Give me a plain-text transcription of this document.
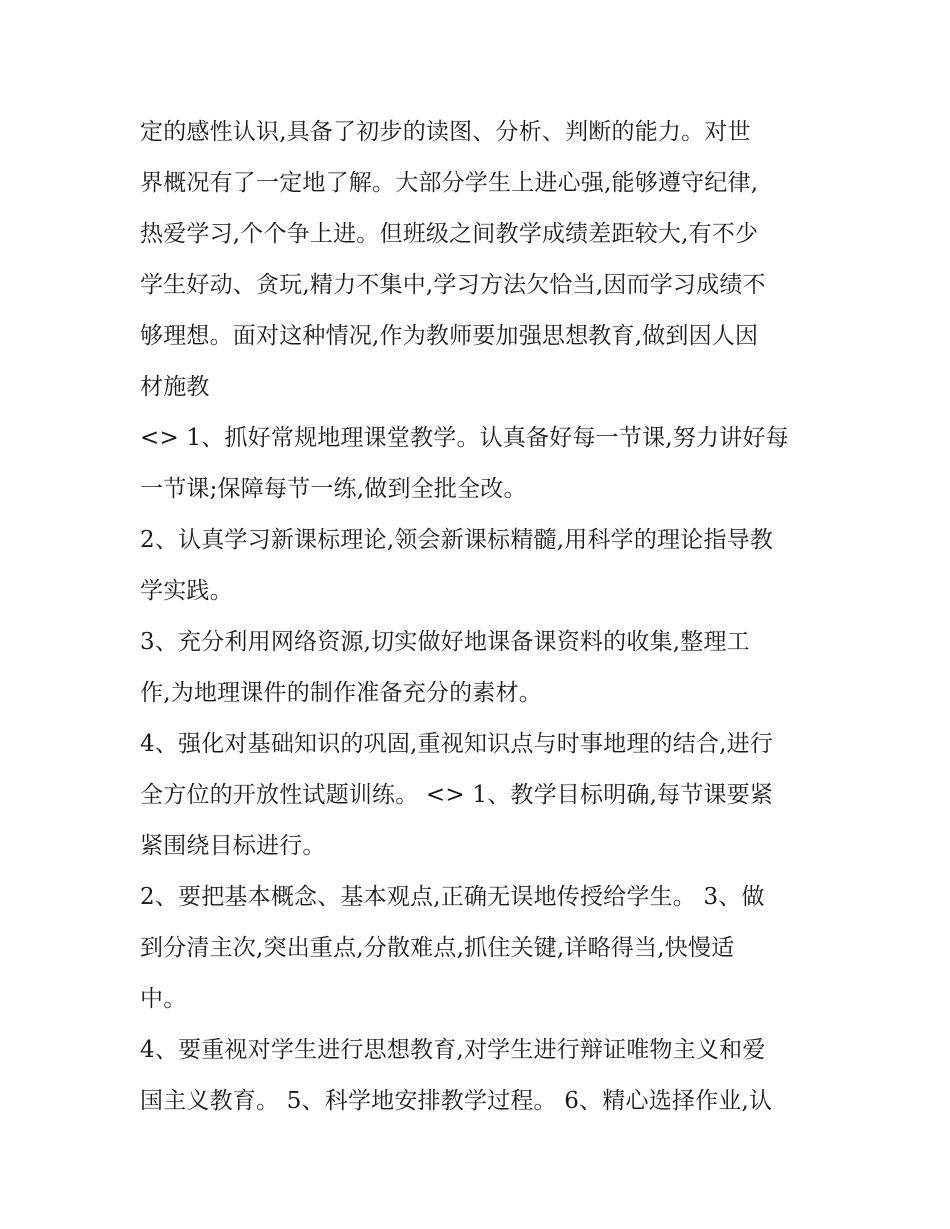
定的感性认识,具备了初步的读图、分析、判断的能力。对世
界概况有了一定地了解。大部分学生上进心强,能够遵守纪律,
热爱学习,个个争上进。但班级之间教学成绩差距较大,有不少
学生好动、贪玩,精力不集中,学习方法欠恰当,因而学习成绩不
够理想。面对这种情况,作为教师要加强思想教育,做到因人因
材施教
<> 1、抓好常规地理课堂教学。认真备好每一节课,努力讲好每
一节课;保障每节一练,做到全批全改。
2、认真学习新课标理论,领会新课标精髓,用科学的理论指导教
学实践。
3、充分利用网络资源,切实做好地课备课资料的收集,整理工
作,为地理课件的制作准备充分的素材。
4、强化对基础知识的巩固,重视知识点与时事地理的结合,进行
全方位的开放性试题训练。 <> 1、教学目标明确,每节课要紧
紧围绕目标进行。
2、要把基本概念、基本观点,正确无误地传授给学生。 3、做
到分清主次,突出重点,分散难点,抓住关键,详略得当,快慢适
中。
4、要重视对学生进行思想教育,对学生进行辩证唯物主义和爱
国主义教育。 5、科学地安排教学过程。 6、精心选择作业,认
